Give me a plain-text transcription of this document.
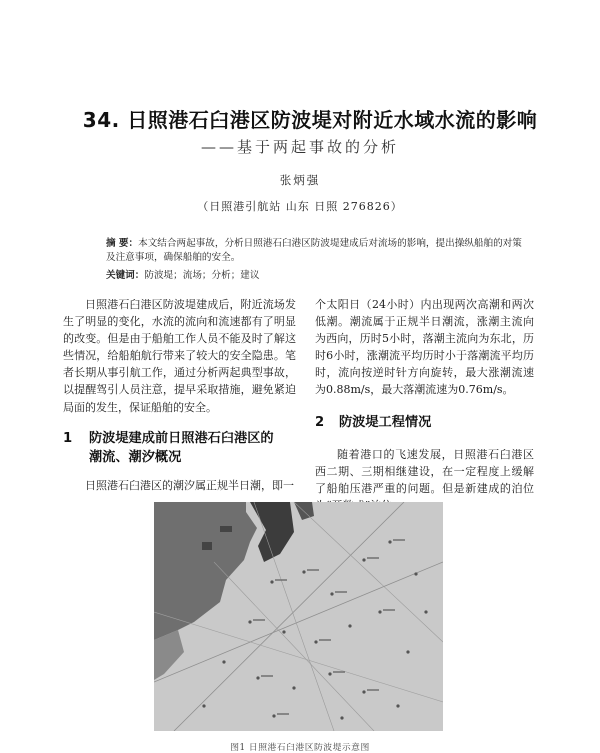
34. 日照港石臼港区防波堤对附近水域水流的影响
——基于两起事故的分析
张炳强
（日照港引航站 山东 日照 276826）
摘 要：本文结合两起事故，分析日照港石臼港区防波堤建成后对流场的影响，提出操纵船舶的对策及注意事项，确保船舶的安全。
关键词：防波堤；流场；分析；建议
日照港石臼港区防波堤建成后，附近流场发生了明显的变化，水流的流向和流速都有了明显的改变。但是由于船舶工作人员不能及时了解这些情况，给船舶航行带来了较大的安全隐患。笔者长期从事引航工作，通过分析两起典型事故，以提醒驾引人员注意，提早采取措施，避免紧迫局面的发生，保证船舶的安全。
1 防波堤建成前日照港石臼港区的
潮流、潮汐概况
日照港石臼港区的潮汐属正规半日潮，即一
个太阳日（24小时）内出现两次高潮和两次低潮。潮流属于正规半日潮流，涨潮主流向为西向，历时5小时，落潮主流向为东北，历时6小时，涨潮流平均历时小于落潮流平均历时，流向按逆时针方向旋转，最大涨潮流速为0.88m/s，最大落潮流速为0.76m/s。
2 防波堤工程情况
随着港口的飞速发展，日照港石臼港区西二期、三期相继建设，在一定程度上缓解了船舶压港严重的问题。但是新建成的泊位
图1 日照港石臼港区防波堤示意图
